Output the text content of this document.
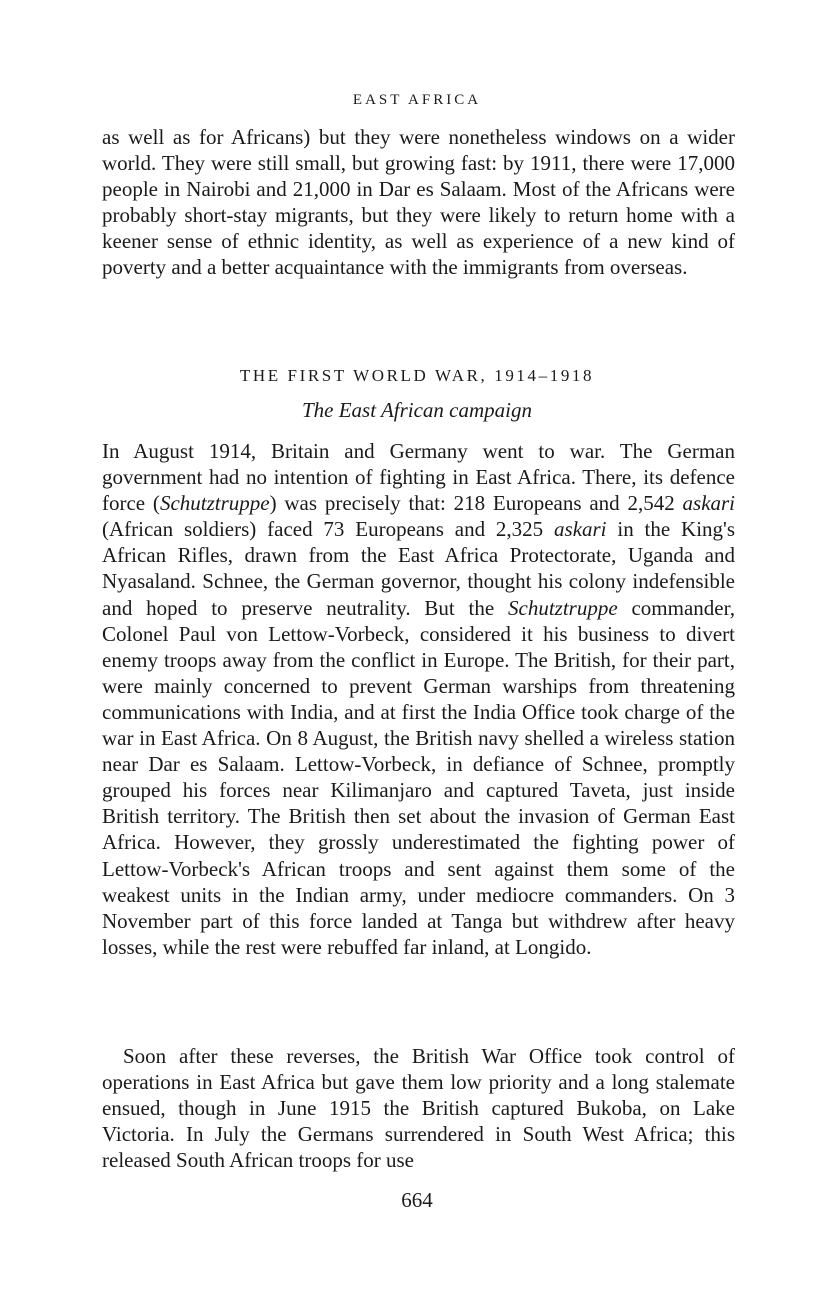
EAST AFRICA

as well as for Africans) but they were nonetheless windows on a wider world. They were still small, but growing fast: by 1911, there were 17,000 people in Nairobi and 21,000 in Dar es Salaam. Most of the Africans were probably short-stay migrants, but they were likely to return home with a keener sense of ethnic identity, as well as experience of a new kind of poverty and a better acquaintance with the immigrants from overseas.

THE FIRST WORLD WAR, 1914–1918
The East African campaign

In August 1914, Britain and Germany went to war. The German government had no intention of fighting in East Africa. There, its defence force (Schutztruppe) was precisely that: 218 Europeans and 2,542 askari (African soldiers) faced 73 Europeans and 2,325 askari in the King's African Rifles, drawn from the East Africa Protectorate, Uganda and Nyasaland. Schnee, the German governor, thought his colony indefensible and hoped to preserve neutrality. But the Schutztruppe commander, Colonel Paul von Lettow-Vorbeck, considered it his business to divert enemy troops away from the conflict in Europe. The British, for their part, were mainly concerned to prevent German warships from threatening communications with India, and at first the India Office took charge of the war in East Africa. On 8 August, the British navy shelled a wireless station near Dar es Salaam. Lettow-Vorbeck, in defiance of Schnee, promptly grouped his forces near Kilimanjaro and captured Taveta, just inside British territory. The British then set about the invasion of German East Africa. However, they grossly underestimated the fighting power of Lettow-Vorbeck's African troops and sent against them some of the weakest units in the Indian army, under mediocre commanders. On 3 November part of this force landed at Tanga but withdrew after heavy losses, while the rest were rebuffed far inland, at Longido.

Soon after these reverses, the British War Office took control of operations in East Africa but gave them low priority and a long stalemate ensued, though in June 1915 the British captured Bukoba, on Lake Victoria. In July the Germans surrendered in South West Africa; this released South African troops for use

664
